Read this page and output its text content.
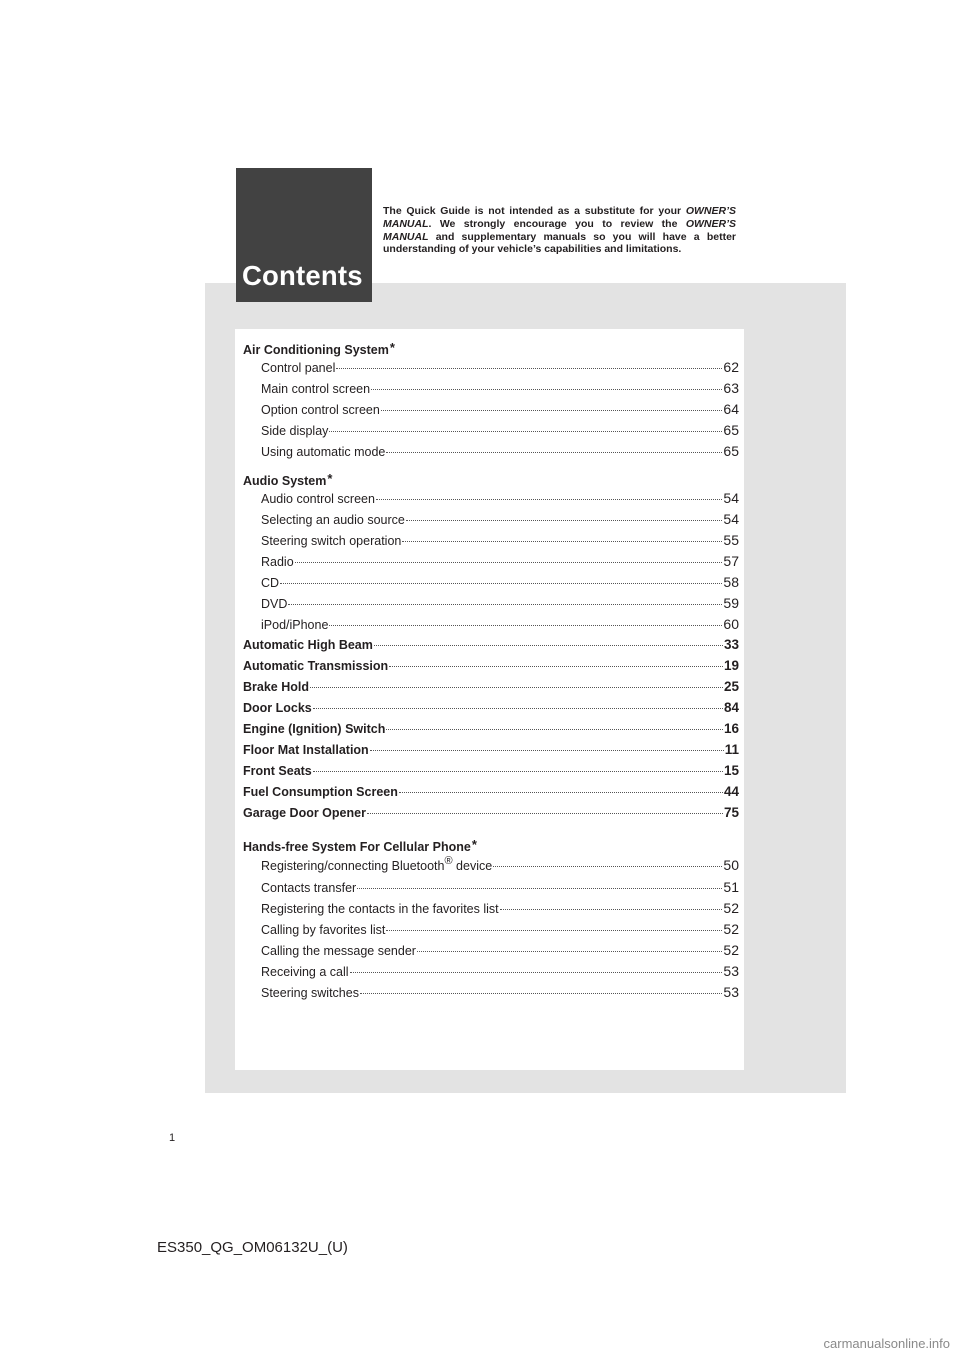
Contents

The Quick Guide is not intended as a substitute for your OWNER’S MANUAL. We strongly encourage you to review the OWNER’S MANUAL and supplementary manuals so you will have a better understanding of your vehicle’s capabilities and limitations.

Air Conditioning System*
Control panel	62
Main control screen	63
Option control screen	64
Side display	65
Using automatic mode	65
Audio System*
Audio control screen	54
Selecting an audio source	54
Steering switch operation	55
Radio	57
CD	58
DVD	59
iPod/iPhone	60
Automatic High Beam	33
Automatic Transmission	19
Brake Hold	25
Door Locks	84
Engine (Ignition) Switch	16
Floor Mat Installation	11
Front Seats	15
Fuel Consumption Screen	44
Garage Door Opener	75
Hands-free System For Cellular Phone*
Registering/connecting Bluetooth® device	50
Contacts transfer	51
Registering the contacts in the favorites list	52
Calling by favorites list	52
Calling the message sender	52
Receiving a call	53
Steering switches	53

1

ES350_QG_OM06132U_(U)

carmanualsonline.info
